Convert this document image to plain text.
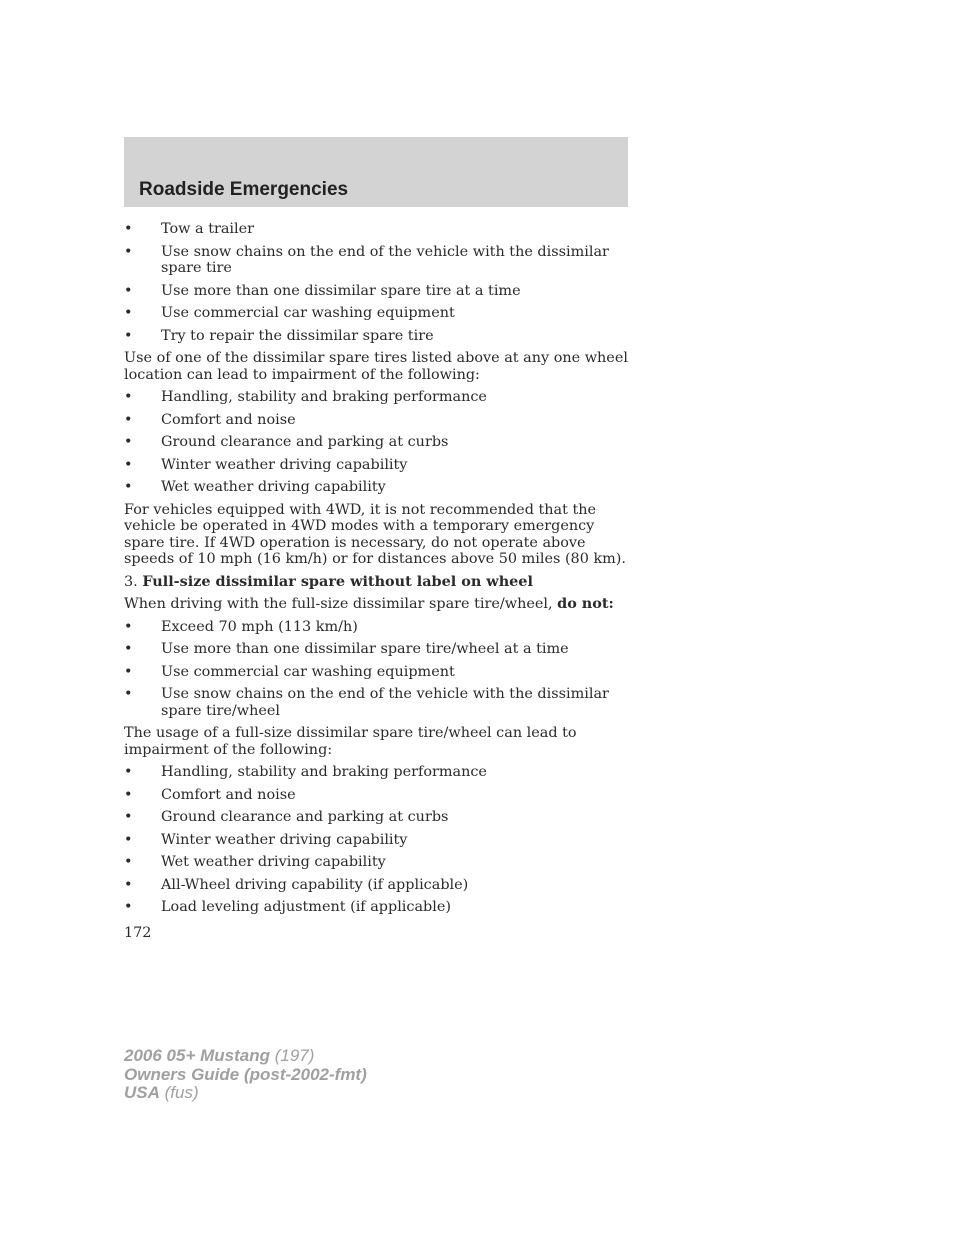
Roadside Emergencies
• Tow a trailer
• Use snow chains on the end of the vehicle with the dissimilar spare tire
• Use more than one dissimilar spare tire at a time
• Use commercial car washing equipment
• Try to repair the dissimilar spare tire

Use of one of the dissimilar spare tires listed above at any one wheel location can lead to impairment of the following:

• Handling, stability and braking performance
• Comfort and noise
• Ground clearance and parking at curbs
• Winter weather driving capability
• Wet weather driving capability

For vehicles equipped with 4WD, it is not recommended that the vehicle be operated in 4WD modes with a temporary emergency spare tire. If 4WD operation is necessary, do not operate above speeds of 10 mph (16 km/h) or for distances above 50 miles (80 km).

3. Full-size dissimilar spare without label on wheel

When driving with the full-size dissimilar spare tire/wheel, do not:

• Exceed 70 mph (113 km/h)
• Use more than one dissimilar spare tire/wheel at a time
• Use commercial car washing equipment
• Use snow chains on the end of the vehicle with the dissimilar spare tire/wheel

The usage of a full-size dissimilar spare tire/wheel can lead to impairment of the following:

• Handling, stability and braking performance
• Comfort and noise
• Ground clearance and parking at curbs
• Winter weather driving capability
• Wet weather driving capability
• All-Wheel driving capability (if applicable)
• Load leveling adjustment (if applicable)
172
2006 05+ Mustang (197)
Owners Guide (post-2002-fmt)
USA (fus)
